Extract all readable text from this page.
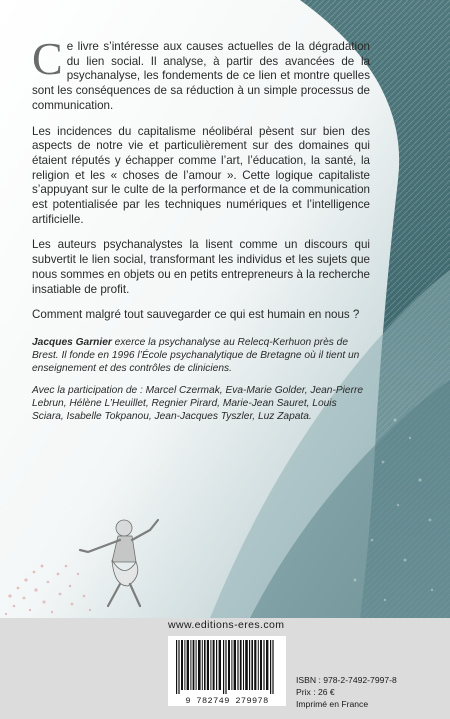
Ce livre s’intéresse aux causes actuelles de la dégradation du lien social. Il analyse, à partir des avancées de la psychanalyse, les fondements de ce lien et montre quelles sont les conséquences de sa réduction à un simple processus de communication.

Les incidences du capitalisme néolibéral pèsent sur bien des aspects de notre vie et particulièrement sur des domaines qui étaient réputés y échapper comme l’art, l’éducation, la santé, la religion et les « choses de l’amour ». Cette logique capitaliste s’appuyant sur le culte de la performance et de la communication est potentialisée par les techniques numériques et l’intelligence artificielle.

Les auteurs psychanalystes la lisent comme un discours qui subvertit le lien social, transformant les individus et les sujets que nous sommes en objets ou en petits entrepreneurs à la recherche insatiable de profit.

Comment malgré tout sauvegarder ce qui est humain en nous ?

Jacques Garnier exerce la psychanalyse au Relecq-Kerhuon près de Brest. Il fonde en 1996 l’École psychanalytique de Bretagne où il tient un enseignement et des contrôles de cliniciens.

Avec la participation de : Marcel Czermak, Eva-Marie Golder, Jean-Pierre Lebrun, Hélène L’Heuillet, Regnier Pirard, Marie-Jean Sauret, Louis Sciara, Isabelle Tokpanou, Jean-Jacques Tyszler, Luz Zapata.

www.editions-eres.com
9 782749 279978
ISBN : 978-2-7492-7997-8
Prix : 26 €
Imprimé en France
